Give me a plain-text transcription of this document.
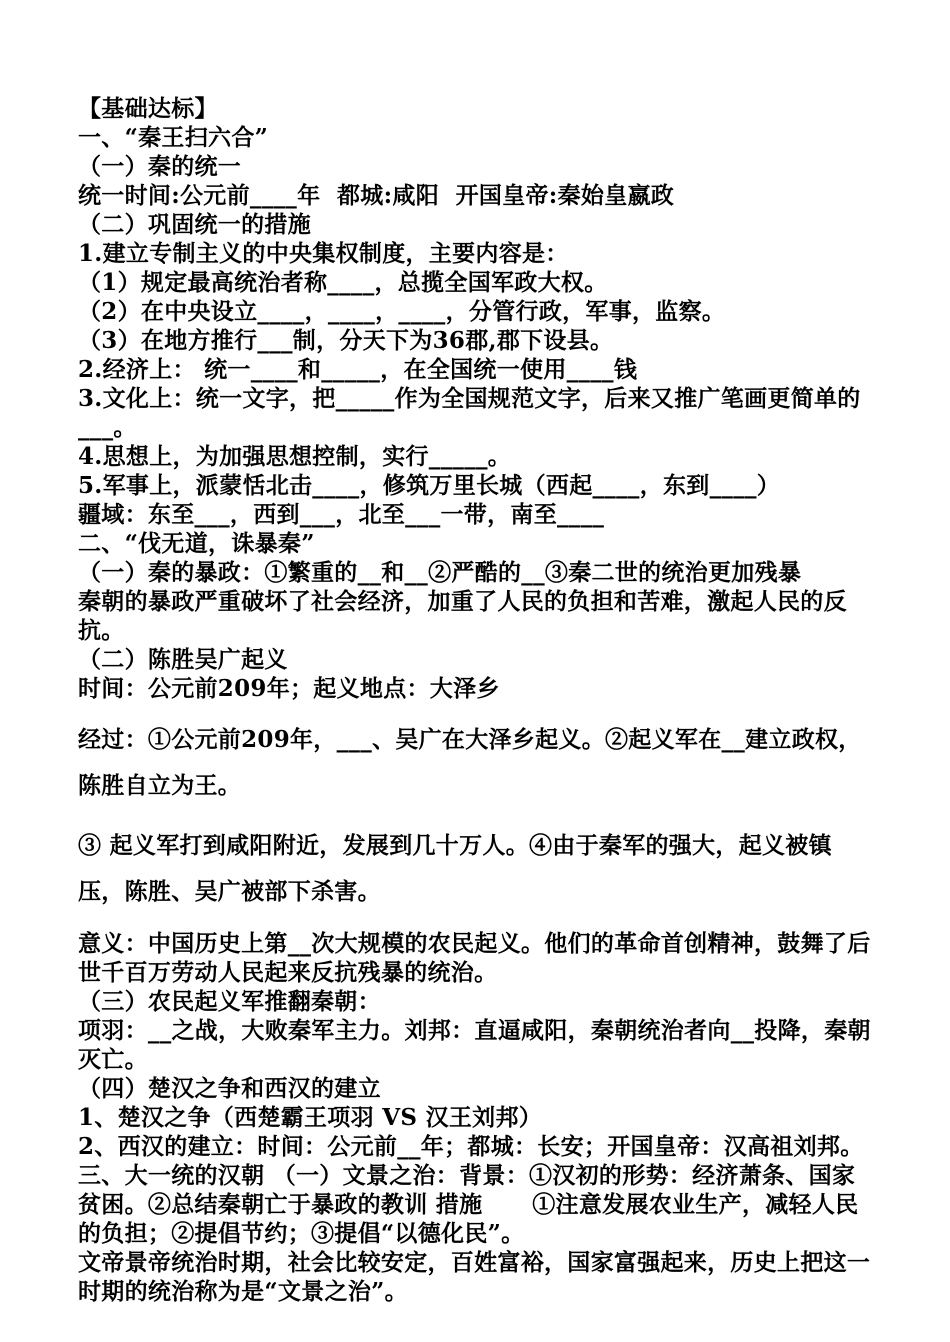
【基础达标】
一、“秦王扫六合”
（一）秦的统一
统一时间:公元前____年  都城:咸阳  开国皇帝:秦始皇嬴政
（二）巩固统一的措施
1.建立专制主义的中央集权制度，主要内容是：
（1）规定最高统治者称____，总揽全国军政大权。
（2）在中央设立____，____，____，分管行政，军事，监察。
（3）在地方推行___制，分天下为36郡,郡下设县。
2.经济上： 统一____和_____，在全国统一使用____钱
3.文化上：统一文字，把_____作为全国规范文字，后来又推广笔画更简单的___。
4.思想上，为加强思想控制，实行_____。
5.军事上，派蒙恬北击____，修筑万里长城（西起____，东到____）
疆域：东至___，西到___，北至___一带，南至____
二、“伐无道，诛暴秦”
（一）秦的暴政：①繁重的__和__②严酷的__③秦二世的统治更加残暴
秦朝的暴政严重破坏了社会经济，加重了人民的负担和苦难，激起人民的反抗。
（二）陈胜吴广起义
时间：公元前209年；起义地点：大泽乡
经过：①公元前209年，___、吴广在大泽乡起义。②起义军在__建立政权，陈胜自立为王。
③ 起义军打到咸阳附近，发展到几十万人。④由于秦军的强大，起义被镇压，陈胜、吴广被部下杀害。
意义：中国历史上第__次大规模的农民起义。他们的革命首创精神，鼓舞了后世千百万劳动人民起来反抗残暴的统治。
（三）农民起义军推翻秦朝：
项羽：__之战，大败秦军主力。刘邦：直逼咸阳，秦朝统治者向__投降，秦朝灭亡。
（四）楚汉之争和西汉的建立
1、楚汉之争（西楚霸王项羽 VS 汉王刘邦）
2、西汉的建立：时间：公元前__年；都城：长安；开国皇帝：汉高祖刘邦。
三、大一统的汉朝 （一）文景之治：背景：①汉初的形势：经济萧条、国家贫困。②总结秦朝亡于暴政的教训 措施      ①注意发展农业生产，减轻人民的负担；②提倡节约；③提倡“以德化民”。
文帝景帝统治时期，社会比较安定，百姓富裕，国家富强起来，历史上把这一时期的统治称为是“文景之治”。
